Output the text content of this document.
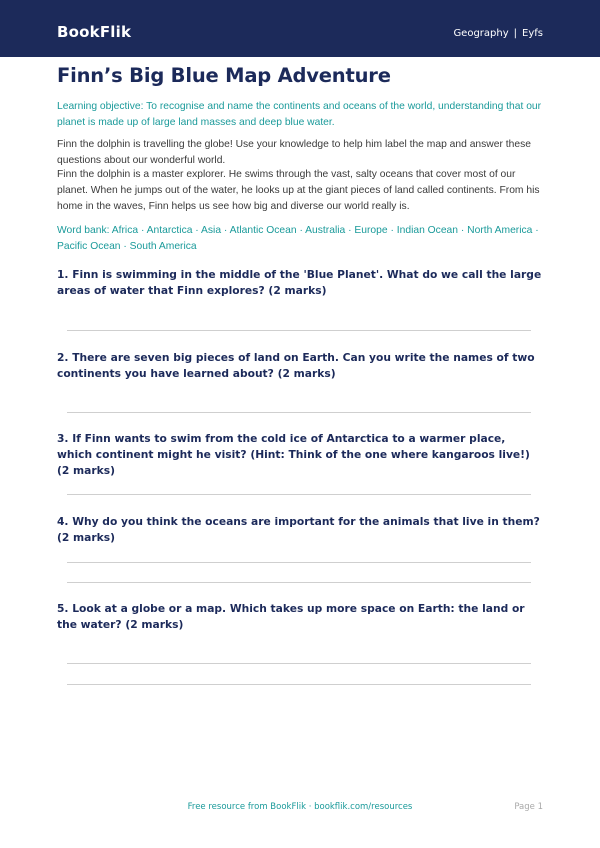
BookFlik	Geography | Eyfs
Finn’s Big Blue Map Adventure

Learning objective: To recognise and name the continents and oceans of the world, understanding that our planet is made up of large land masses and deep blue water.

Finn the dolphin is travelling the globe! Use your knowledge to help him label the map and answer these questions about our wonderful world.

Finn the dolphin is a master explorer. He swims through the vast, salty oceans that cover most of our planet. When he jumps out of the water, he looks up at the giant pieces of land called continents. From his home in the waves, Finn helps us see how big and diverse our world really is.

Word bank: Africa · Antarctica · Asia · Atlantic Ocean · Australia · Europe · Indian Ocean · North America · Pacific Ocean · South America

1. Finn is swimming in the middle of the 'Blue Planet'. What do we call the large areas of water that Finn explores? (2 marks)

2. There are seven big pieces of land on Earth. Can you write the names of two continents you have learned about? (2 marks)

3. If Finn wants to swim from the cold ice of Antarctica to a warmer place, which continent might he visit? (Hint: Think of the one where kangaroos live!) (2 marks)

4. Why do you think the oceans are important for the animals that live in them? (2 marks)

5. Look at a globe or a map. Which takes up more space on Earth: the land or the water? (2 marks)

Free resource from BookFlik · bookflik.com/resources	Page 1
